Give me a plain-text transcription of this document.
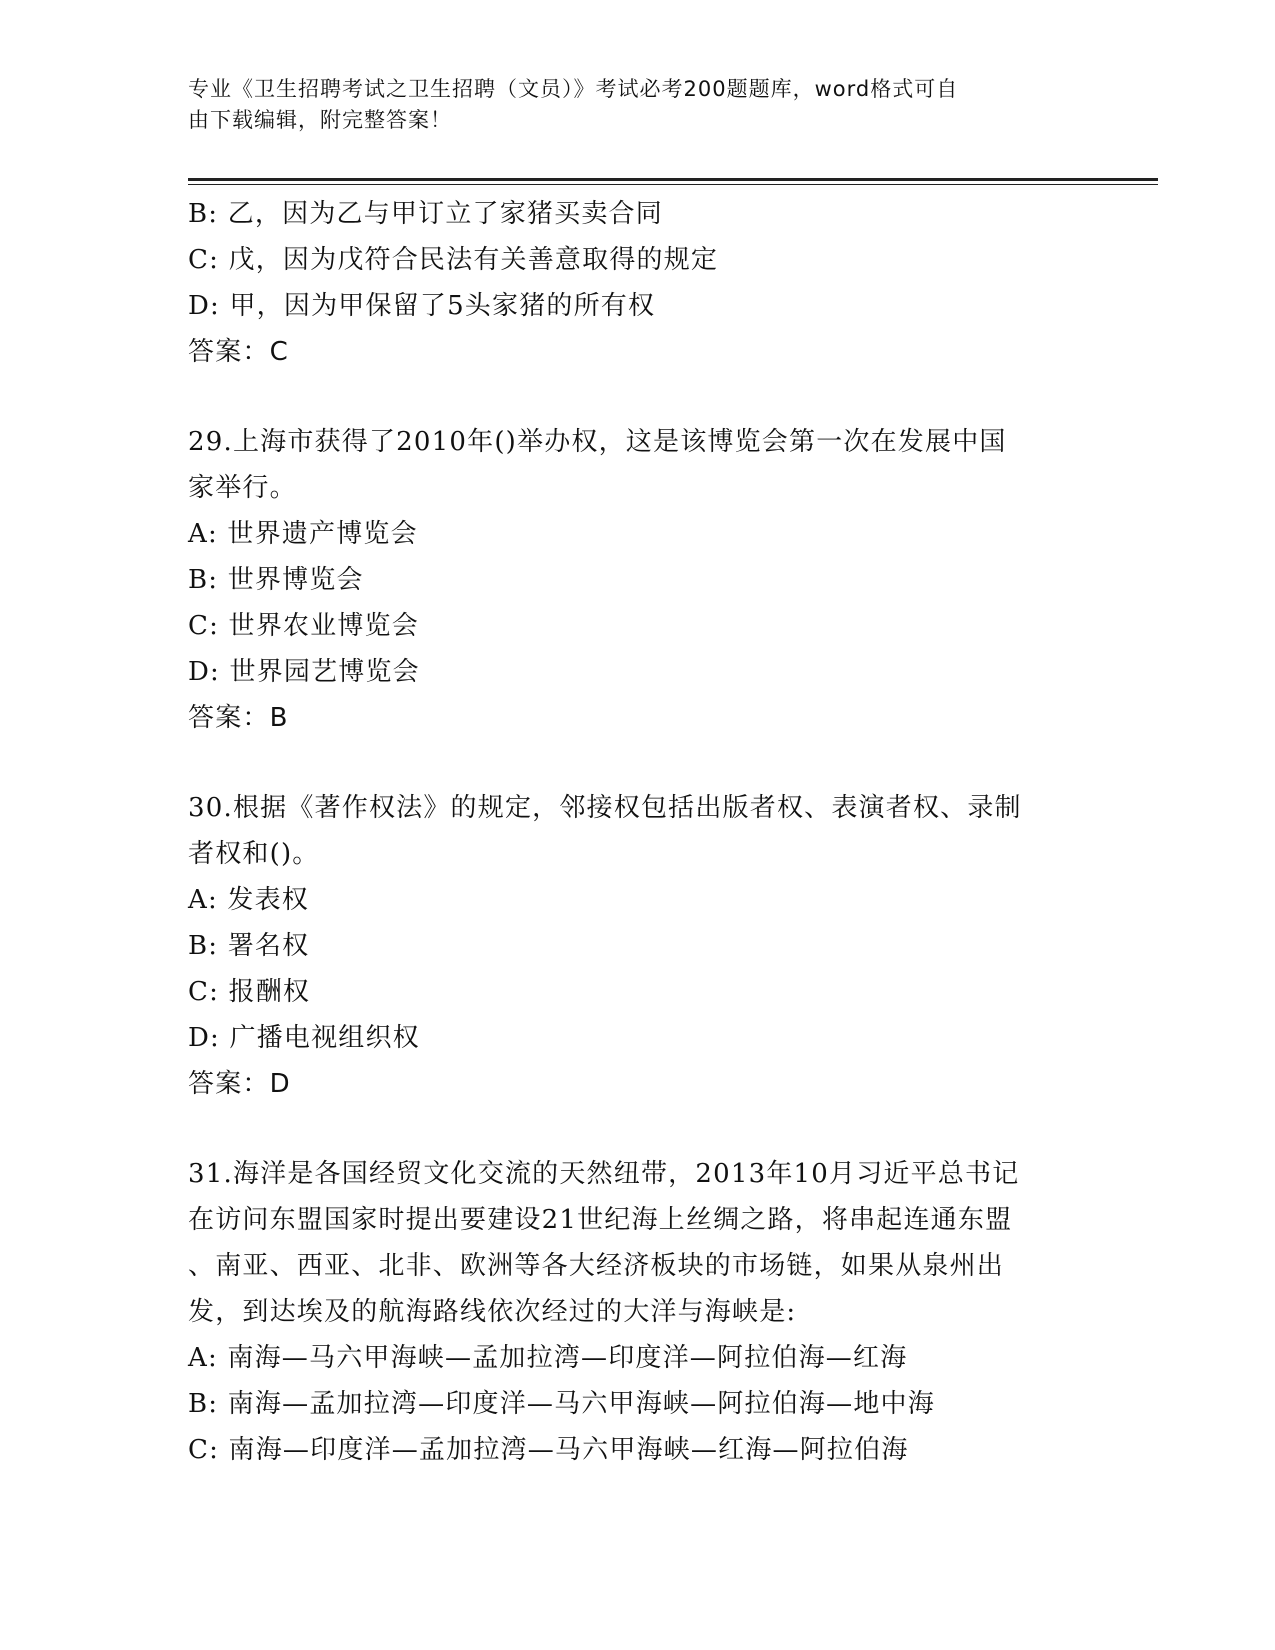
专业《卫生招聘考试之卫生招聘（文员）》考试必考200题题库，word格式可自
由下载编辑，附完整答案！
B: 乙，因为乙与甲订立了家猪买卖合同
C: 戊，因为戊符合民法有关善意取得的规定
D: 甲，因为甲保留了5头家猪的所有权
答案：C
29.上海市获得了2010年()举办权，这是该博览会第一次在发展中国
家举行。
A: 世界遗产博览会
B: 世界博览会
C: 世界农业博览会
D: 世界园艺博览会
答案：B
30.根据《著作权法》的规定，邻接权包括出版者权、表演者权、录制
者权和()。
A: 发表权
B: 署名权
C: 报酬权
D: 广播电视组织权
答案：D
31.海洋是各国经贸文化交流的天然纽带，2013年10月习近平总书记
在访问东盟国家时提出要建设21世纪海上丝绸之路，将串起连通东盟
、南亚、西亚、北非、欧洲等各大经济板块的市场链，如果从泉州出
发，到达埃及的航海路线依次经过的大洋与海峡是:
A: 南海—马六甲海峡—孟加拉湾—印度洋—阿拉伯海—红海
B: 南海—孟加拉湾—印度洋—马六甲海峡—阿拉伯海—地中海
C: 南海—印度洋—孟加拉湾—马六甲海峡—红海—阿拉伯海
